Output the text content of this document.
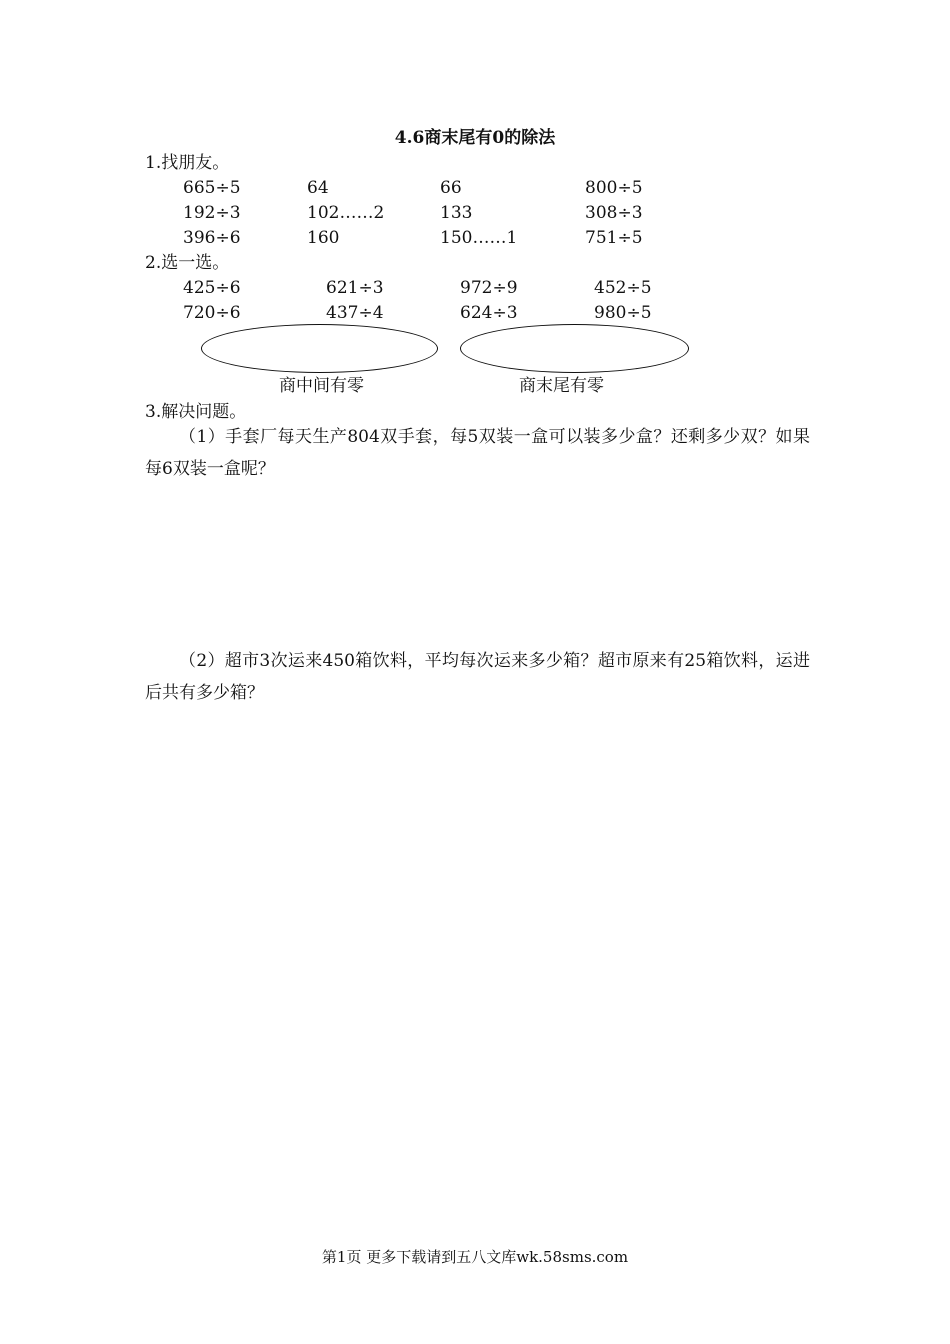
4.6商末尾有0的除法
1.找朋友。
665÷5	64	66	800÷5
192÷3	102……2	133	308÷3
396÷6	160	150……1	751÷5
2.选一选。
425÷6	621÷3	972÷9	452÷5
720÷6	437÷4	624÷3	980÷5
商中间有零	商末尾有零
3.解决问题。
（1）手套厂每天生产804双手套，每5双装一盒可以装多少盒？还剩多少双？如果每6双装一盒呢？
（2）超市3次运来450箱饮料，平均每次运来多少箱？超市原来有25箱饮料，运进后共有多少箱？
第1页 更多下载请到五八文库wk.58sms.com
